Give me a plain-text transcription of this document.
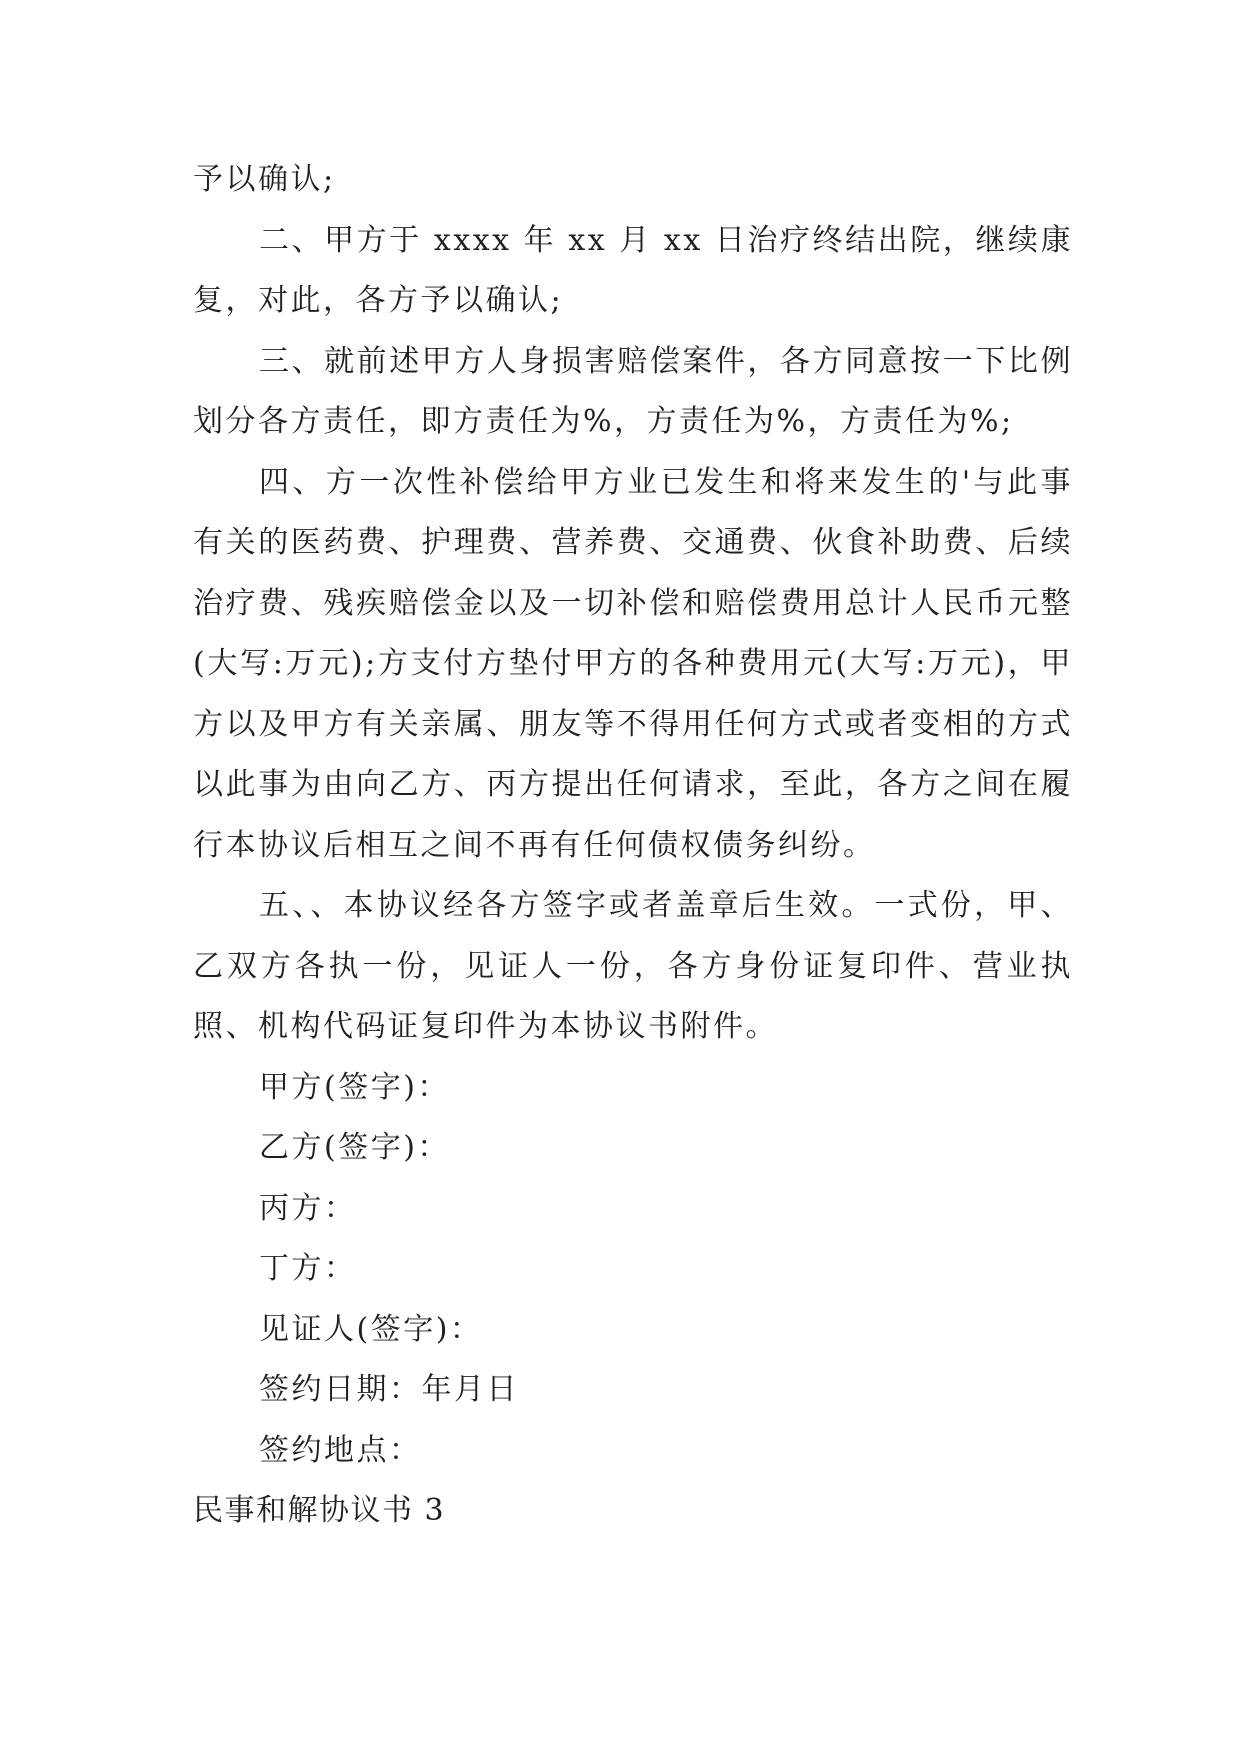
予以确认;

二、甲方于 xxxx 年 xx 月 xx 日治疗终结出院，继续康复，对此，各方予以确认;

三、就前述甲方人身损害赔偿案件，各方同意按一下比例划分各方责任，即方责任为%，方责任为%，方责任为%;

四、方一次性补偿给甲方业已发生和将来发生的'与此事有关的医药费、护理费、营养费、交通费、伙食补助费、后续治疗费、残疾赔偿金以及一切补偿和赔偿费用总计人民币元整(大写:万元);方支付方垫付甲方的各种费用元(大写:万元)，甲方以及甲方有关亲属、朋友等不得用任何方式或者变相的方式以此事为由向乙方、丙方提出任何请求，至此，各方之间在履行本协议后相互之间不再有任何债权债务纠纷。

五、、本协议经各方签字或者盖章后生效。一式份，甲、乙双方各执一份，见证人一份，各方身份证复印件、营业执照、机构代码证复印件为本协议书附件。

甲方(签字)：

乙方(签字)：

丙方：

丁方：

见证人(签字)：

签约日期：年月日

签约地点：

民事和解协议书 3
